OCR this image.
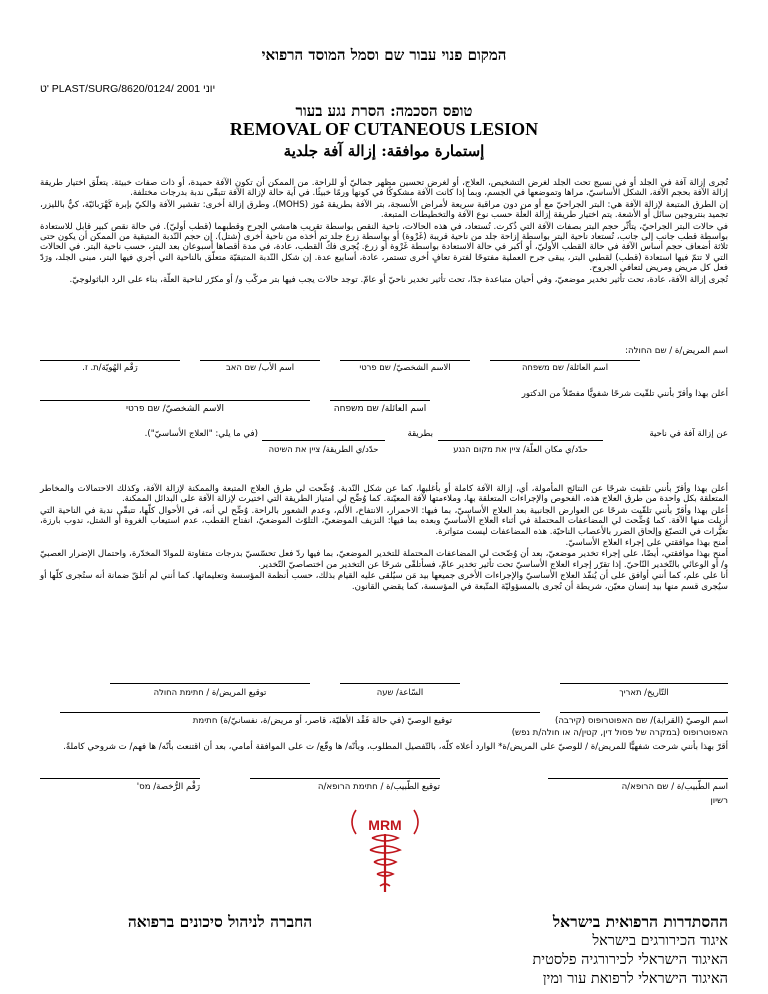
המקום פנוי עבור שם וסמל המוסד הרפואי
ט' PLAST/SURG/8620/0124/ יוני 2001
טופס הסכמה: הסרת נגע בעור
REMOVAL OF CUTANEOUS LESION
إستمارة موافقة: إزالة آفة جلدية

تُجرى إزالة آفة في الجلد أو في نسيج تحت الجلد لغرض التشخيص، العلاج، أو لغرض تحسين مظهر جماليّ أو للراحة. من الممكن أن تكون الآفة حميدة، أو ذات صفات خبيثة. يتعلّق اختيار طريقة إزالة الآفة بحجم الآفة، الشكل الأساسيّ، مراها وتموضعها في الجسم، وبما إذا كانت الآفة مشكوكًا في كونها ورمًا خبيثًا. في أية حالة لإزالة الآفة تتبقّى ندبة بدرجات مختلفة.

إن الطرق المتبعة لإزالة الآفة هي: البتر الجراحيّ مع أو من دون مراقبة سريعة لأمراض الأنسجة، بتر الآفة بطريقة مُوز (MOHS)، وطرق إزالة أخرى: تقشير الآفة والكيّ بإبرة كَهْرَبائيّة، كيٌّ بالليزر، تجميد بنتروجين سائل أو الأشعة. يتم اختيار طريقة إزالة العلّة حسب نوع الآفة والتخطيطات المتبعة.

في حالات البتر الجراحيّ، يتأثّر حجم البتر بصفات الآفة التي ذُكرت. تُستعاد، في هذه الحالات، ناحية النقص بواسطة تقريب هامشي الجرح وقطبهما (قطب أوليّ). في حالة نقص كبير قابل للاستعادة بواسطة قطب جانب إلى جانب، تُستعاد ناحية البتر بواسطة إزاحة جلد من ناحية قريبة (غَرْوة) أو بواسطة زرع جلد تم أخذه من ناحية أخرى (شتل). إن حجم النّدبة المتبقية من الممكن أن يكون حتى ثلاثة أضعاف حجم أساس الآفة في حالة القطب الأوليّ، أو أكبر في حالة الاستعادة بواسطة غَرْوة أو زرع. يُجرى فكّ القطب، عادة، في مدة أقصاها أسبوعان بعد البتر، حسب ناحية البتر. في الحالات التي لا تتمّ فيها استعادة (قطب) لقطبي البتر، يبقى جرح العملية مفتوحًا لفترة تعافٍ أخرى تستمر، عادة، أسابيع عدة. إن شكل النّدبة المتبقيّة متعلّق بالناحية التي أجري فيها البتر، مبنى الجلد، ورَدّ فعل كل مريض ومريض لتعافي الجروح.

تُجرى إزالة الآفة، عادة، تحت تأثير تخدير موضعيّ، وفي أحيان متباعدة جدًا، تحت تأثير تخدير ناحيّ أو عامّ. توجد حالات يجب فيها بتر مركّب و/ أو مكرّر لناحية العلّة، بناء على الرد الباثولوجيّ.

اسم المريض/ة / שם החולה:
اسم العائلة/ שם משפחה
الاسم الشخصيّ/ שם פרטי
اسم الأب/ שם האב
رَقْم الهُويّة/ת. ז.
أعلن بهذا وأقرّ بأنني تلقّيت شرحًا شفويًّا مفصّلاً من الدكتور
اسم العائلة/ שם משפחה
الاسم الشخصيّ/ שם פרטי
عن إزالة آفة في ناحية
بطريقة
(في ما يلي: "العلاج الأساسيّ").
حدّد/ي مكان العلّة/ ציין את מקום הנגע
حدّد/ي الطريقة/ ציין את השיטה

أعلن بهذا وأقرّ بأنني تلقيت شرحًا عن النتائج المأمولة، أي، إزالة الآفة كاملة أو بأغلبها، كما عن شكل النّدبة. وُضِّحت لي طرق العلاج المتبعة والممكنة لإزالة الآفة، وكذلك الاحتمالات والمخاطر المتعلقة بكل واحدة من طرق العلاج هذه، الفحوص والإجراءات المتعلقة بها، وملاءمتها لآفة المعيّنة. كما وُضِّح لي امتياز الطريقة التي اختيرت لإزالة الآفة على البدائل الممكنة.

أعلن بهذا وأقرّ بأنني تلقّيت شرحًا عن العوارض الجانبية بعد العلاج الأساسيّ، بما فيها: الاحمرار، الانتفاخ، الألم، وعدم الشعور بالراحة. وُضِّح لي أنه، في الأحوال كلّها، تتبقّى ندبة في الناحية التي أزيلت منها الآفة. كما وُضِّحت لي المضاعفات المحتملة في أثناء العلاج الأساسيّ وبعده بما فيها: النزيف الموضعيّ، التلوّث الموضعيّ، انفتاح القطب، عدم استيعاب الغروة أو الشتل، ندوب بارزة، تغيُّرات في التصبّغ وإلحاق الضرر بالأعصاب الناحيّة. هذه المضاعفات ليست متواترة.

أمنح بهذا موافقتي على إجراء العلاج الأساسيّ.

أمنح بهذا موافقتي، أيضًا، على إجراء تخدير موضعيّ، بعد أن وُضّحت لي المضاعفات المحتملة للتخدير الموضعيّ، بما فيها ردّ فعل تحسّسيّ بدرجات متفاوتة للموادّ المخدّرة، واحتمال الإضرار العصبيّ و/ أو الوعائي بالتّخدير النّاحيّ. إذا تقرّر إجراء العلاج الأساسيّ تحت تأثير تخدير عامّ، فسأتلقّى شرحًا عن التخدير من اختصاصيّ التّخدير.

أنا على علم، كما أنني أوافق على أن يُنفّذ العلاج الأساسيّ والإجراءات الأخرى جميعها بيد مَن سيُلقى عليه القيام بذلك، حسب أنظمة المؤسسة وتعليماتها. كما أنني لم أتلقّ ضمانة أنه ستُجرى كلّها أو سيُجرى قسم منها بيد إنسان معيّن، شريطة أن تُجرى بالمسؤوليّة المتّبعة في المؤسسة، كما يقضي القانون.

التّاريخ/ תאריך
السّاعة/ שעה
توقيع المريض/ة / חתימת החולה
اسم الوصيّ (القرابة)/ שם האפוטרופוס (קירבה)
توقيع الوصيّ (في حالة فَقْد الأهليّة، قاصر، أو مريض/ة، نفسانيّ/ة) חתימת
האפוטרופוס (במקרה של פסול דין, קטין/ה או חולה/ת נפש)
أقرّ بهذا بأنني شرحت شفهيًّا للمريض/ة / للوصيّ على المريض/ة* الوارد أعلاه كلّه، بالتّفصيل المطلوب، وبأنّه/ ها وقّع/ ت على الموافقة أمامي، بعد أن اقتنعت بأنّه/ ها فهم/ ت شروحي كاملةً.
اسم الطّبيب/ة / שם הרופא/ה
توقيع الطّبيب/ة / חתימת הרופא/ה
رَقْم الرُّخصة/ מס'
רשיון
MRM
החברה לניהול סיכונים ברפואה	ההסתדרות הרפואית בישראל
איגוד הכירורגים בישראל
האיגוד הישראלי לכירורגיה פלסטית
האיגוד הישראלי לרפואת עור ומין
